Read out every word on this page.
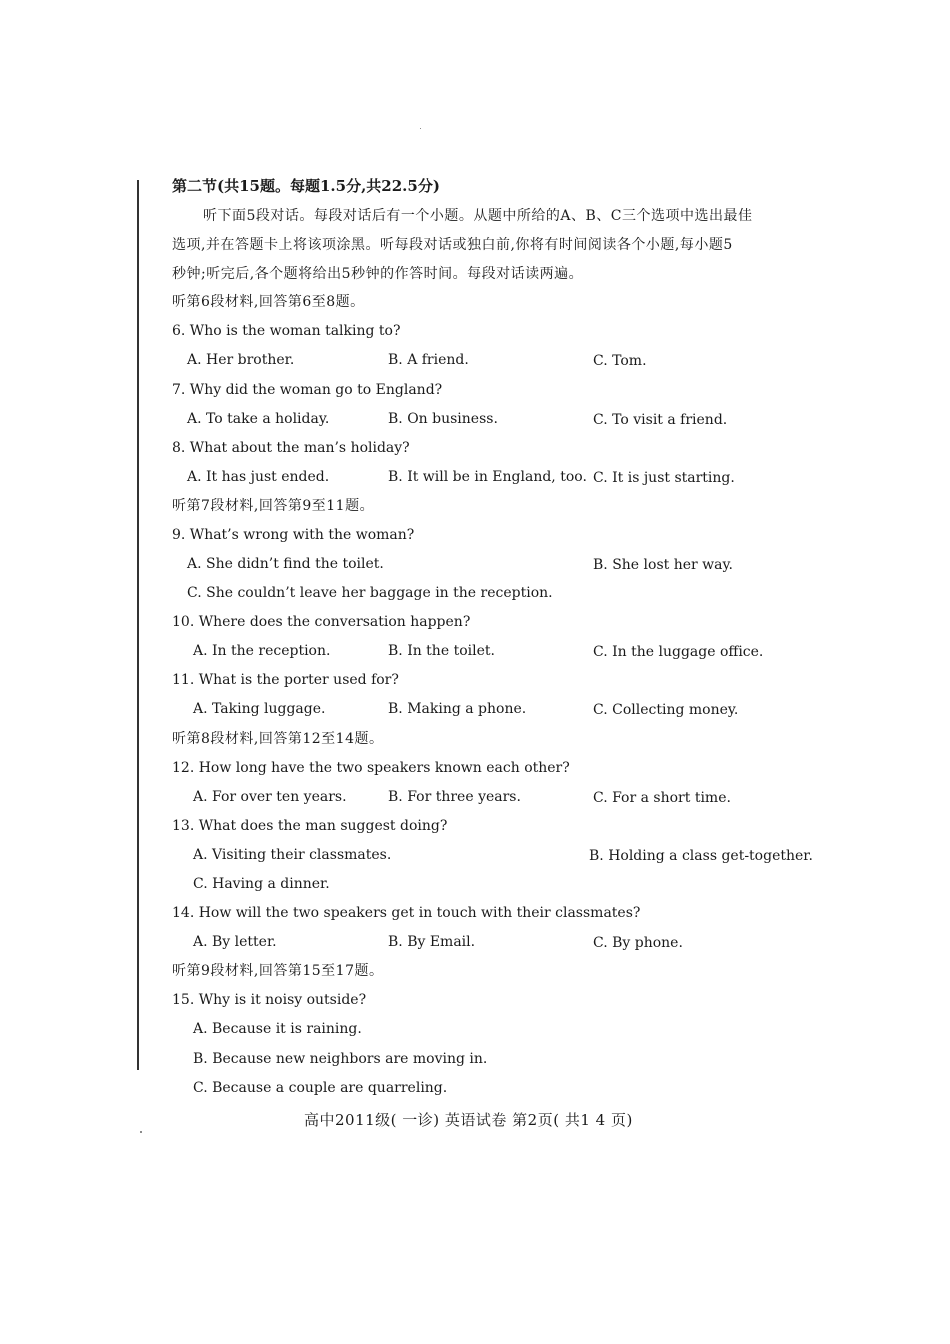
第二节(共15题。每题1.5分,共22.5分)
听下面5段对话。每段对话后有一个小题。从题中所给的A、B、C三个选项中选出最佳
选项,并在答题卡上将该项涂黑。听每段对话或独白前,你将有时间阅读各个小题,每小题5
秒钟;听完后,各个题将给出5秒钟的作答时间。每段对话读两遍。
听第6段材料,回答第6至8题。
6. Who is the woman talking to?
A. Her brother.	B. A friend.	C. Tom.
7. Why did the woman go to England?
A. To take a holiday.	B. On business.	C. To visit a friend.
8. What about the man’s holiday?
A. It has just ended.	B. It will be in England, too. C. It is just starting.
听第7段材料,回答第9至11题。
9. What’s wrong with the woman?
A. She didn’t find the toilet.	B. She lost her way.
C. She couldn’t leave her baggage in the reception.
10. Where does the conversation happen?
A. In the reception.	B. In the toilet.	C. In the luggage office.
11. What is the porter used for?
A. Taking luggage.	B. Making a phone.	C. Collecting money.
听第8段材料,回答第12至14题。
12. How long have the two speakers known each other?
A. For over ten years.	B. For three years.	C. For a short time.
13. What does the man suggest doing?
A. Visiting their classmates.	B. Holding a class get-together.
C. Having a dinner.
14. How will the two speakers get in touch with their classmates?
A. By letter.	B. By Email.	C. By phone.
听第9段材料,回答第15至17题。
15. Why is it noisy outside?
A. Because it is raining.
B. Because new neighbors are moving in.
C. Because a couple are quarreling.
高中2011级( 一诊) 英语试卷 第2页( 共1 4 页)
